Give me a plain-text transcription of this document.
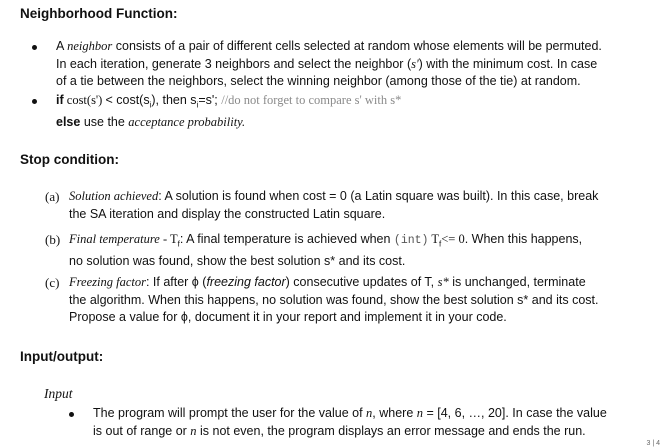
Neighborhood Function:
A neighbor consists of a pair of different cells selected at random whose elements will be permuted.
In each iteration, generate 3 neighbors and select the neighbor (s') with the minimum cost. In case
of a tie between the neighbors, select the winning neighbor (among those of the tie) at random.
if $\cos t(s') < \cos t(s_i)$, then $s_i=s'$; //do not forget to compare s' with s*
else use the acceptance probability.
Stop condition:
(a) Solution achieved: A solution is found when cost = 0 (a Latin square was built). In this case, break
the SA iteration and display the constructed Latin square.
(b) Final temperature - $T_f$: A final temperature is achieved when (int) $T_f<= 0$. When this happens,
no solution was found, show the best solution s* and its cost.
(c) Freezing factor: If after ϕ (freezing factor) consecutive updates of T, s* is unchanged, terminate
the algorithm. When this happens, no solution was found, show the best solution s* and its cost.
Propose a value for ϕ, document it in your report and implement it in your code.
Input/output:
Input
The program will prompt the user for the value of n, where n = [4, 6, …, 20]. In case the value
is out of range or n is not even, the program displays an error message and ends the run.
3 | 4
